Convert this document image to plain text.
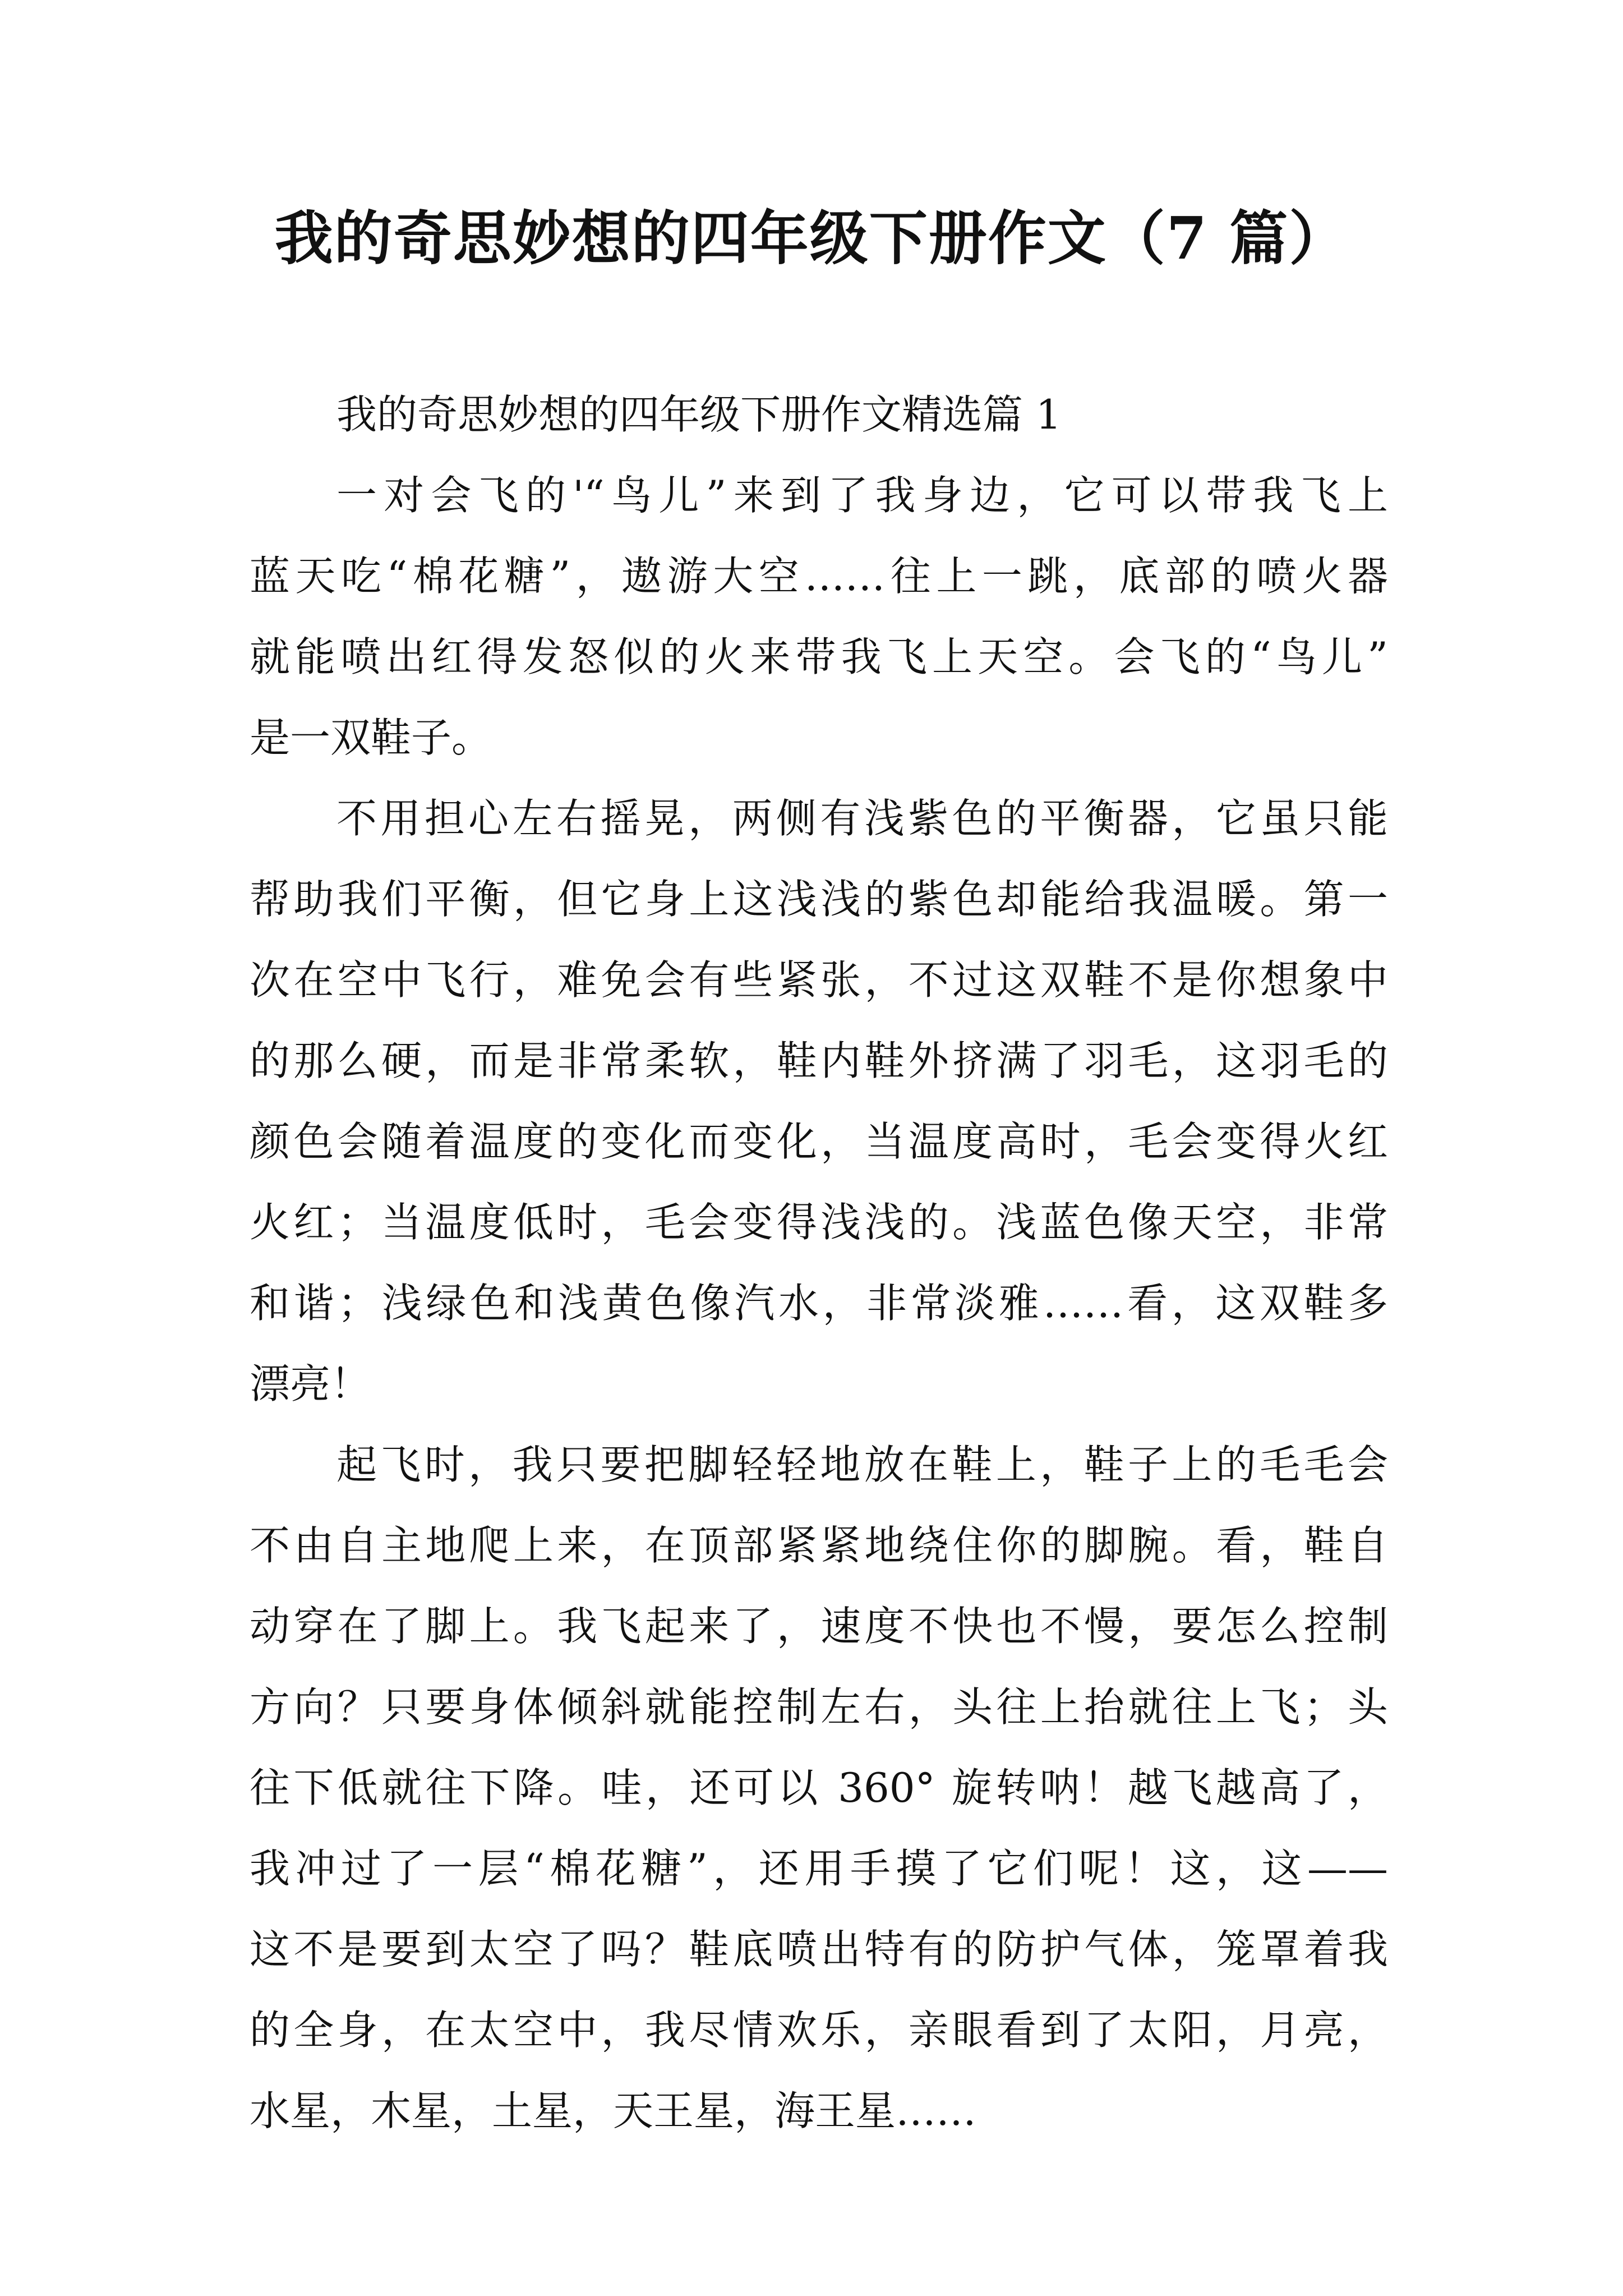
我的奇思妙想的四年级下册作文（7 篇）

我的奇思妙想的四年级下册作文精选篇 1

一对会飞的'“鸟儿”来到了我身边，它可以带我飞上
蓝天吃“棉花糖”，遨游大空……往上一跳，底部的喷火器
就能喷出红得发怒似的火来带我飞上天空。会飞的“鸟儿”
是一双鞋子。

不用担心左右摇晃，两侧有浅紫色的平衡器，它虽只能
帮助我们平衡，但它身上这浅浅的紫色却能给我温暖。第一
次在空中飞行，难免会有些紧张，不过这双鞋不是你想象中
的那么硬，而是非常柔软，鞋内鞋外挤满了羽毛，这羽毛的
颜色会随着温度的变化而变化，当温度高时，毛会变得火红
火红；当温度低时，毛会变得浅浅的。浅蓝色像天空，非常
和谐；浅绿色和浅黄色像汽水，非常淡雅……看，这双鞋多
漂亮！

起飞时，我只要把脚轻轻地放在鞋上，鞋子上的毛毛会
不由自主地爬上来，在顶部紧紧地绕住你的脚腕。看，鞋自
动穿在了脚上。我飞起来了，速度不快也不慢，要怎么控制
方向？只要身体倾斜就能控制左右，头往上抬就往上飞；头
往下低就往下降。哇，还可以 360° 旋转呐！越飞越高了，
我冲过了一层“棉花糖”，还用手摸了它们呢！这，这——
这不是要到太空了吗？鞋底喷出特有的防护气体，笼罩着我
的全身，在太空中，我尽情欢乐，亲眼看到了太阳，月亮，
水星，木星，土星，天王星，海王星……
